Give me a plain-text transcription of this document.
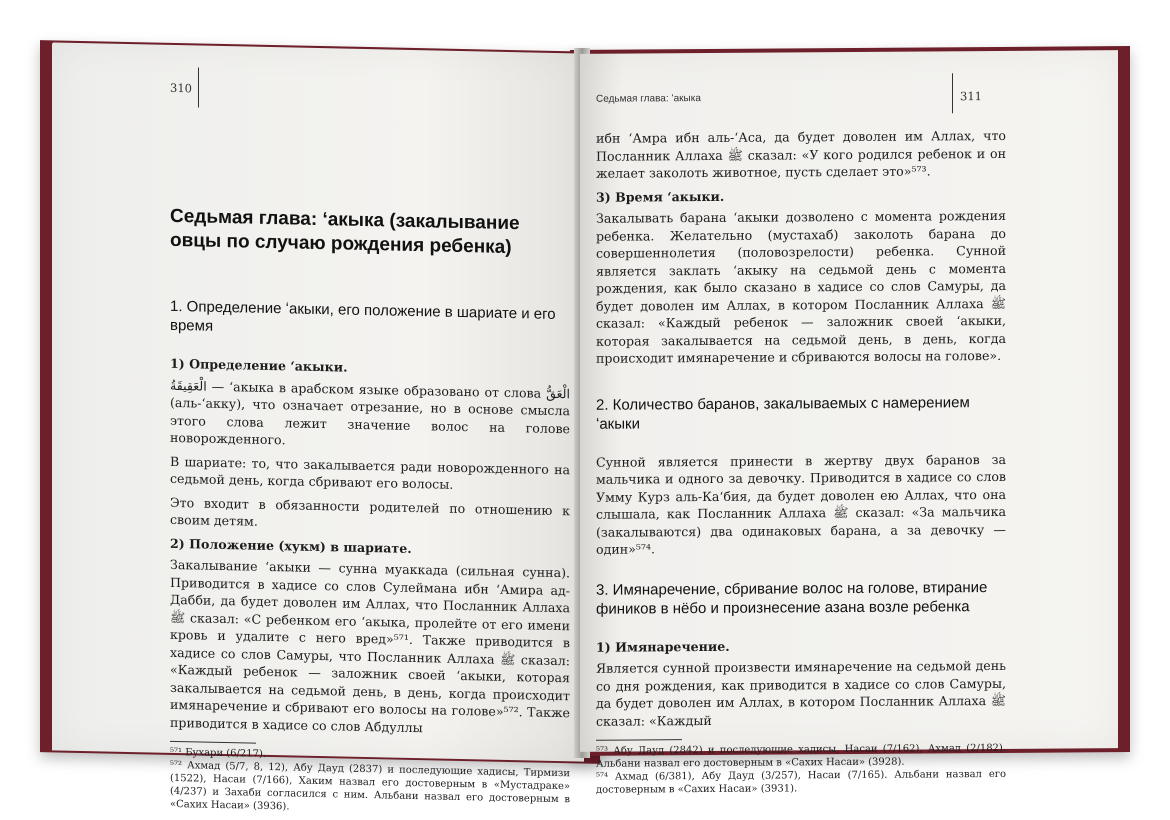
310
Седьмая глава: ʻакыка (закалывание овцы по случаю рождения ребенка)
1. Определение ʻакыки, его положение в шариате и его время
1) Определение ʻакыки.

الْعَقِيقَةُ — ʻакыка в арабском языке образовано от слова الْعَقُّ (аль-ʻакку), что означает отрезание, но в основе смысла этого слова лежит значение волос на голове новорожденного.

В шариате: то, что закалывается ради новорожденного на седьмой день, когда сбривают его волосы.

Это входит в обязанности родителей по отношению к своим детям.

2) Положение (хукм) в шариате.

Закалывание ʻакыки — сунна муаккада (сильная сунна). Приводится в хадисе со слов Сулеймана ибн ʻАмира ад-Дабби, да будет доволен им Аллах, что Посланник Аллаха ﷺ сказал: «С ребенком его ʻакыка, пролейте от его имени кровь и удалите с него вред»⁵⁷¹. Также приводится в хадисе со слов Самуры, что Посланник Аллаха ﷺ сказал: «Каждый ребенок — заложник своей ʻакыки, которая закалывается на седьмой день, в день, когда происходит имянаречение и сбривают его волосы на голове»⁵⁷². Также приводится в хадисе со слов Абдуллы

⁵⁷¹ Бухари (6/217).

⁵⁷² Ахмад (5/7, 8, 12), Абу Дауд (2837) и последующие хадисы, Тирмизи (1522), Насаи (7/166), Хаким назвал его достоверным в «Мустадраке» (4/237) и Захаби согласился с ним. Альбани назвал его достоверным в «Сахих Насаи» (3936).

Седьмая глава: ʻакыка	311

ибн ʻАмра ибн аль-ʻАса, да будет доволен им Аллах, что Посланник Аллаха ﷺ сказал: «У кого родился ребенок и он желает заколоть животное, пусть сделает это»⁵⁷³.

3) Время ʻакыки.

Закалывать барана ʻакыки дозволено с момента рождения ребенка. Желательно (мустахаб) заколоть барана до совершеннолетия (половозрелости) ребенка. Сунной является заклать ʻакыку на седьмой день с момента рождения, как было сказано в хадисе со слов Самуры, да будет доволен им Аллах, в котором Посланник Аллаха ﷺ сказал: «Каждый ребенок — заложник своей ʻакыки, которая закалывается на седьмой день, в день, когда происходит имянаречение и сбриваются волосы на голове».

2. Количество баранов, закалываемых с намерением ʻакыки

Сунной является принести в жертву двух баранов за мальчика и одного за девочку. Приводится в хадисе со слов Умму Курз аль-Каʻбия, да будет доволен ею Аллах, что она слышала, как Посланник Аллаха ﷺ сказал: «За мальчика (закалываются) два одинаковых барана, а за девочку — один»⁵⁷⁴.

3. Имянаречение, сбривание волос на голове, втирание фиников в нёбо и произнесение азана возле ребенка
1) Имянаречение.

Является сунной произвести имянаречение на седьмой день со дня рождения, как приводится в хадисе со слов Самуры, да будет доволен им Аллах, в котором Посланник Аллаха ﷺ сказал: «Каждый

⁵⁷³ Абу Дауд (2842) и последующие хадисы, Насаи (7/162), Ахмад (2/182). Альбани назвал его достоверным в «Сахих Насаи» (3928).

⁵⁷⁴ Ахмад (6/381), Абу Дауд (3/257), Насаи (7/165). Альбани назвал его достоверным в «Сахих Насаи» (3931).
